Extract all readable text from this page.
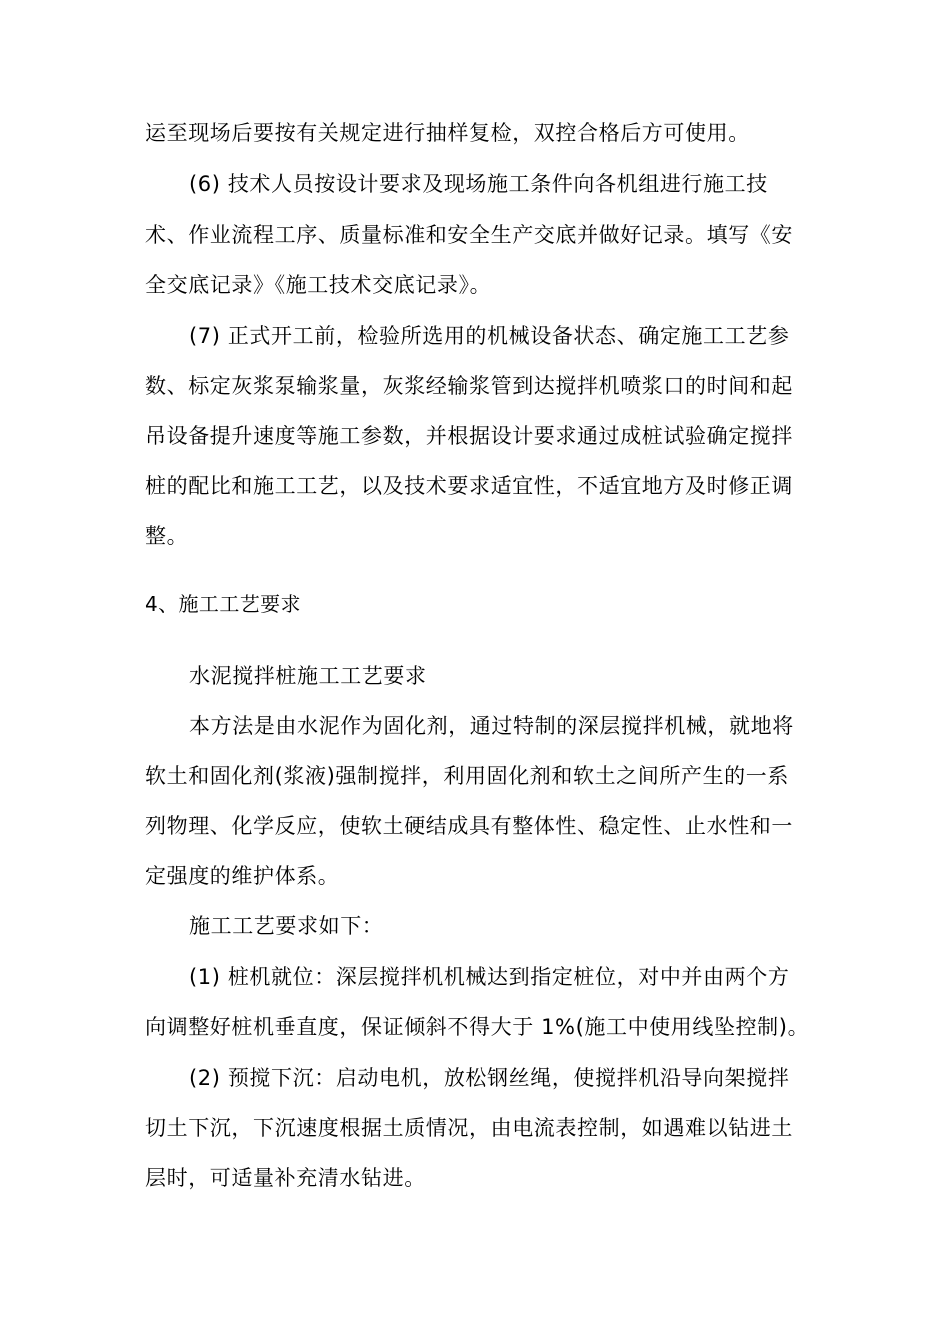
运至现场后要按有关规定进行抽样复检，双控合格后方可使用。

(6) 技术人员按设计要求及现场施工条件向各机组进行施工技

术、作业流程工序、质量标准和安全生产交底并做好记录。填写《安

全交底记录》《施工技术交底记录》。

(7) 正式开工前，检验所选用的机械设备状态、确定施工工艺参

数、标定灰浆泵输浆量，灰浆经输浆管到达搅拌机喷浆口的时间和起

吊设备提升速度等施工参数，并根据设计要求通过成桩试验确定搅拌

桩的配比和施工工艺，以及技术要求适宜性，不适宜地方及时修正调

整。

4、施工工艺要求

水泥搅拌桩施工工艺要求

本方法是由水泥作为固化剂，通过特制的深层搅拌机械，就地将

软土和固化剂(浆液)强制搅拌，利用固化剂和软土之间所产生的一系

列物理、化学反应，使软土硬结成具有整体性、稳定性、止水性和一

定强度的维护体系。

施工工艺要求如下：

(1) 桩机就位：深层搅拌机机械达到指定桩位，对中并由两个方

向调整好桩机垂直度，保证倾斜不得大于 1%(施工中使用线坠控制)。

(2) 预搅下沉：启动电机，放松钢丝绳，使搅拌机沿导向架搅拌

切土下沉，下沉速度根据土质情况，由电流表控制，如遇难以钻进土

层时，可适量补充清水钻进。
